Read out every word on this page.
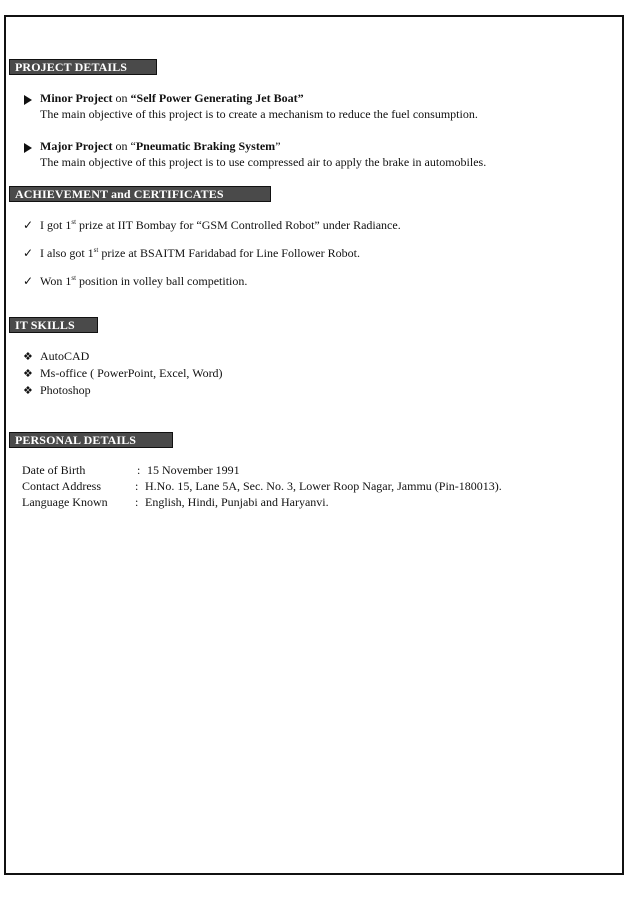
PROJECT DETAILS
Minor Project on “Self Power Generating Jet Boat”
The main objective of this project is to create a mechanism to reduce the fuel consumption.
Major Project on “Pneumatic Braking System”
The main objective of this project is to use compressed air to apply the brake in automobiles.
ACHIEVEMENT and CERTIFICATES
✓ I got 1st prize at IIT Bombay for “GSM Controlled Robot” under Radiance.
✓ I also got 1st prize at BSAITM Faridabad for Line Follower Robot.
✓ Won 1st position in volley ball competition.
IT SKILLS
❖ AutoCAD
❖ Ms-office ( PowerPoint, Excel, Word)
❖ Photoshop
PERSONAL DETAILS
Date of Birth	: 15 November 1991
Contact Address	: H.No. 15, Lane 5A, Sec. No. 3, Lower Roop Nagar, Jammu (Pin-180013).
Language Known : English, Hindi, Punjabi and Haryanvi.
